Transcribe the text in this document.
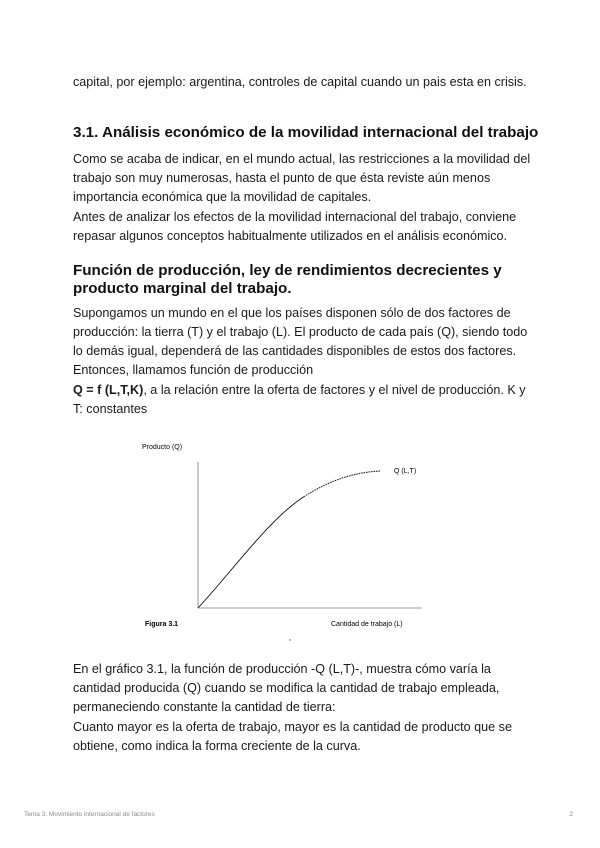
capital, por ejemplo: argentina, controles de capital cuando un pais esta en crisis.

3.1. Análisis económico de la movilidad internacional del trabajo

Como se acaba de indicar, en el mundo actual, las restricciones a la movilidad del trabajo son muy numerosas, hasta el punto de que ésta reviste aún menos importancia económica que la movilidad de capitales.

Antes de analizar los efectos de la movilidad internacional del trabajo, conviene repasar algunos conceptos habitualmente utilizados en el análisis económico.

Función de producción, ley de rendimientos decrecientes y producto marginal del trabajo.

Supongamos un mundo en el que los países disponen sólo de dos factores de producción: la tierra (T) y el trabajo (L). El producto de cada país (Q), siendo todo lo demás igual, dependerá de las cantidades disponibles de estos dos factores. Entonces, llamamos función de producción

Q = f (L,T,K), a la relación entre la oferta de factores y el nivel de producción. K y T: constantes

Producto (Q)
Q (L,T)
Figura 3.1	Cantidad de trabajo (L)

En el gráfico 3.1, la función de producción -Q (L,T)-, muestra cómo varía la cantidad producida (Q) cuando se modifica la cantidad de trabajo empleada, permaneciendo constante la cantidad de tierra:

Cuanto mayor es la oferta de trabajo, mayor es la cantidad de producto que se obtiene, como indica la forma creciente de la curva.

Tema 3. Movimiento internacional de factores	2
